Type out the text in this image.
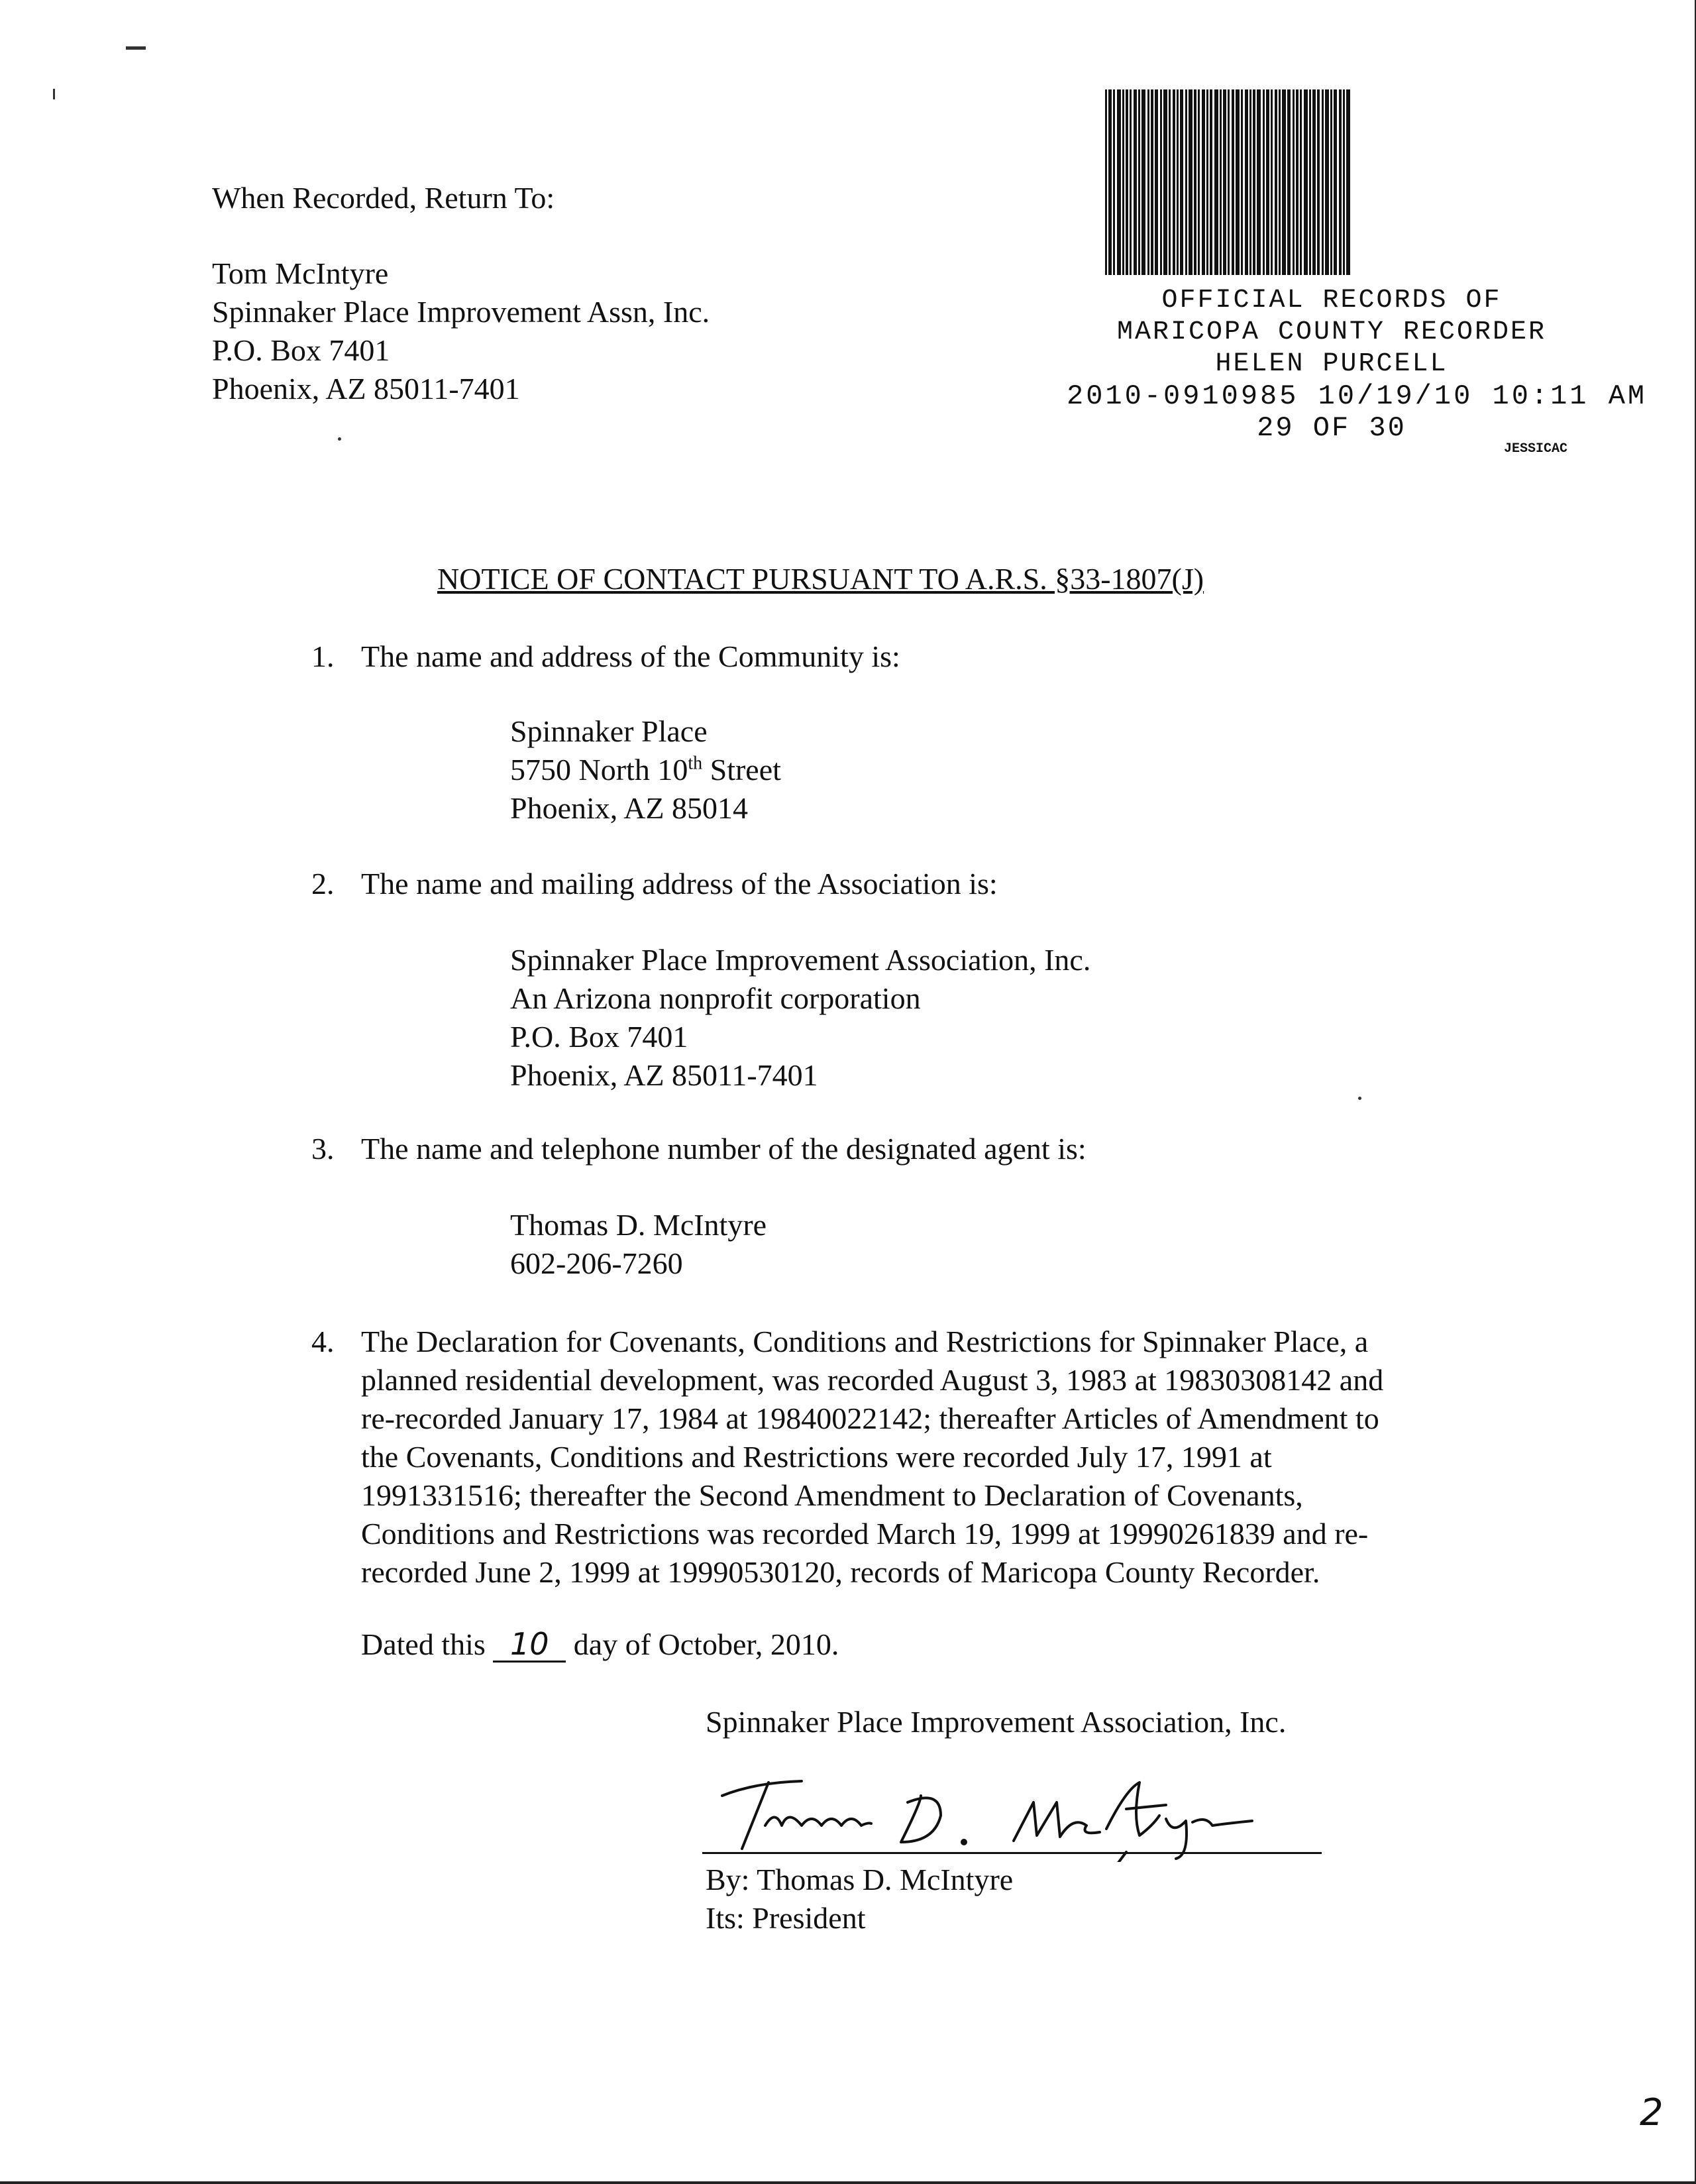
When Recorded, Return To:
Tom McIntyre
Spinnaker Place Improvement Assn, Inc.
P.O. Box 7401
Phoenix, AZ 85011-7401
OFFICIAL RECORDS OF
MARICOPA COUNTY RECORDER
HELEN PURCELL
2010-0910985 10/19/10 10:11 AM
29 OF 30
JESSICAC
NOTICE OF CONTACT PURSUANT TO A.R.S. §33-1807(J)
1. The name and address of the Community is:
Spinnaker Place
5750 North 10th Street
Phoenix, AZ 85014
2. The name and mailing address of the Association is:
Spinnaker Place Improvement Association, Inc.
An Arizona nonprofit corporation
P.O. Box 7401
Phoenix, AZ 85011-7401
3. The name and telephone number of the designated agent is:
Thomas D. McIntyre
602-206-7260
4. The Declaration for Covenants, Conditions and Restrictions for Spinnaker Place, a
planned residential development, was recorded August 3, 1983 at 19830308142 and
re-recorded January 17, 1984 at 19840022142; thereafter Articles of Amendment to
the Covenants, Conditions and Restrictions were recorded July 17, 1991 at
1991331516; thereafter the Second Amendment to Declaration of Covenants,
Conditions and Restrictions was recorded March 19, 1999 at 19990261839 and re-
recorded June 2, 1999 at 19990530120, records of Maricopa County Recorder.
Dated this 10 day of October, 2010.
Spinnaker Place Improvement Association, Inc.
By: Thomas D. McIntyre
Its: President
2
